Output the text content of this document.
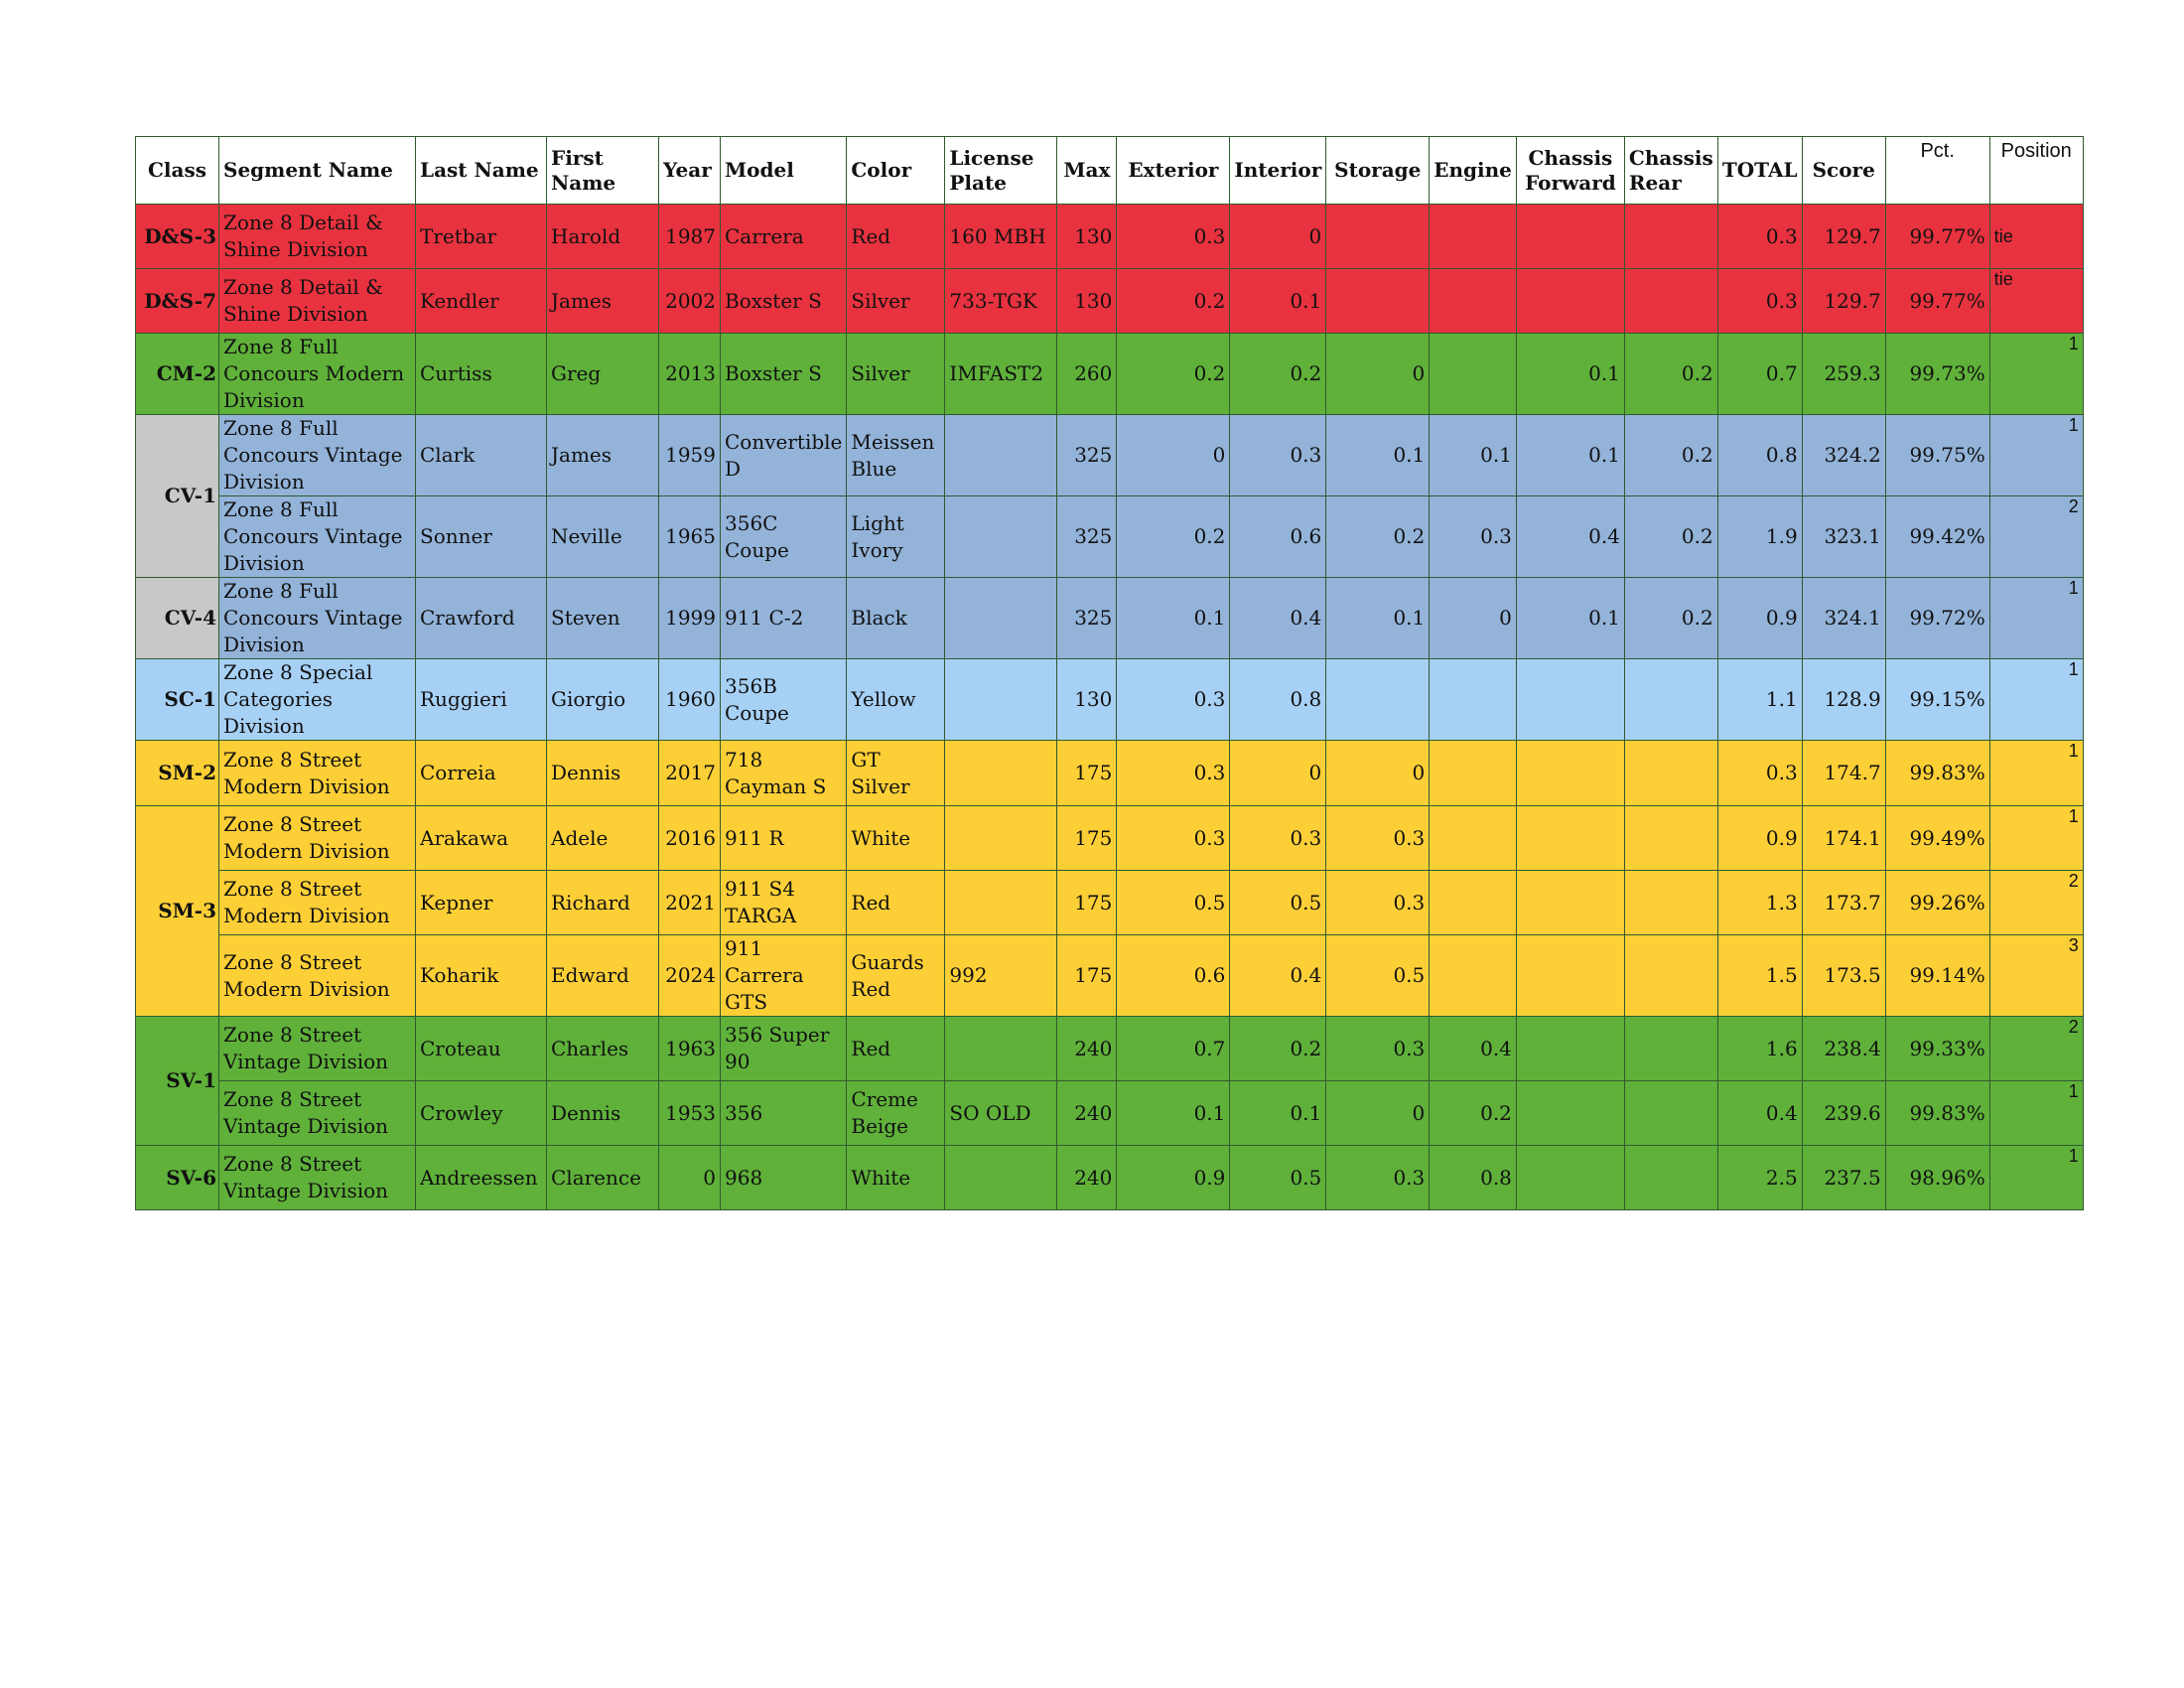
Class	Segment Name	Last Name	First Name	Year	Model	Color	License Plate	Max	Exterior	Interior	Storage	Engine	Chassis Forward	Chassis Rear	TOTAL	Score	Pct.	Position
D&S-3	Zone 8 Detail & Shine Division	Tretbar	Harold	1987	Carrera	Red	160 MBH	130	0.3	0					0.3	129.7	99.77%	tie
D&S-7	Zone 8 Detail & Shine Division	Kendler	James	2002	Boxster S	Silver	733-TGK	130	0.2	0.1					0.3	129.7	99.77%	tie
CM-2	Zone 8 Full Concours Modern Division	Curtiss	Greg	2013	Boxster S	Silver	IMFAST2	260	0.2	0.2	0		0.1	0.2	0.7	259.3	99.73%	1
CV-1	Zone 8 Full Concours Vintage Division	Clark	James	1959	Convertible D	Meissen Blue		325	0	0.3	0.1	0.1	0.1	0.2	0.8	324.2	99.75%	1
	Zone 8 Full Concours Vintage Division	Sonner	Neville	1965	356C Coupe	Light Ivory		325	0.2	0.6	0.2	0.3	0.4	0.2	1.9	323.1	99.42%	2
CV-4	Zone 8 Full Concours Vintage Division	Crawford	Steven	1999	911 C-2	Black		325	0.1	0.4	0.1	0	0.1	0.2	0.9	324.1	99.72%	1
SC-1	Zone 8 Special Categories Division	Ruggieri	Giorgio	1960	356B Coupe	Yellow		130	0.3	0.8					1.1	128.9	99.15%	1
SM-2	Zone 8 Street Modern Division	Correia	Dennis	2017	718 Cayman S	GT Silver		175	0.3	0	0				0.3	174.7	99.83%	1
SM-3	Zone 8 Street Modern Division	Arakawa	Adele	2016	911 R	White		175	0.3	0.3	0.3				0.9	174.1	99.49%	1
	Zone 8 Street Modern Division	Kepner	Richard	2021	911 S4 TARGA	Red		175	0.5	0.5	0.3				1.3	173.7	99.26%	2
	Zone 8 Street Modern Division	Koharik	Edward	2024	911 Carrera GTS	Guards Red	992	175	0.6	0.4	0.5				1.5	173.5	99.14%	3
SV-1	Zone 8 Street Vintage Division	Croteau	Charles	1963	356 Super 90	Red		240	0.7	0.2	0.3	0.4			1.6	238.4	99.33%	2
	Zone 8 Street Vintage Division	Crowley	Dennis	1953	356	Creme Beige	SO OLD	240	0.1	0.1	0	0.2			0.4	239.6	99.83%	1
SV-6	Zone 8 Street Vintage Division	Andreessen	Clarence	0	968	White		240	0.9	0.5	0.3	0.8			2.5	237.5	98.96%	1
